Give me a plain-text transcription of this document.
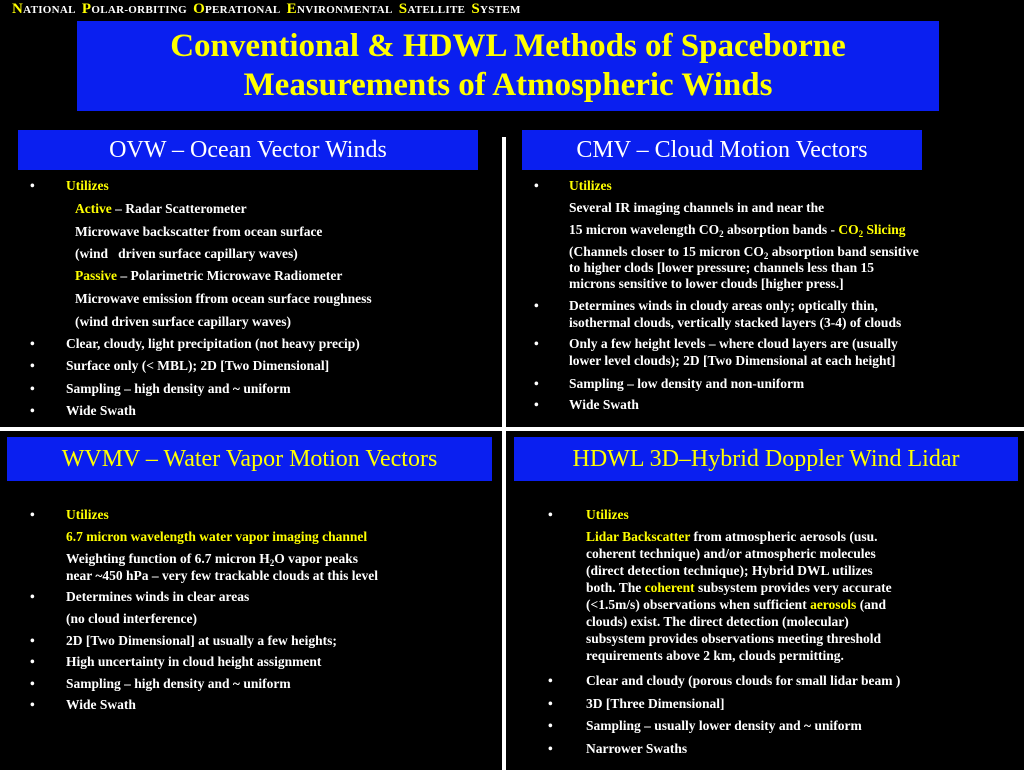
NATIONAL POLAR-ORBITING OPERATIONAL ENVIRONMENTAL SATELLITE SYSTEM
Conventional & HDWL Methods of Spaceborne
Measurements of Atmospheric Winds
OVW – Ocean Vector Winds	CMV – Cloud Motion Vectors
WVMV – Water Vapor Motion Vectors	HDWL 3D–Hybrid Doppler Wind Lidar
• Utilizes
Active – Radar Scatterometer
Microwave backscatter from ocean surface
(wind   driven surface capillary waves)
Passive – Polarimetric Microwave Radiometer
Microwave emission ffrom ocean surface roughness
(wind driven surface capillary waves)
• Clear, cloudy, light precipitation (not heavy precip)
• Surface only (< MBL); 2D [Two Dimensional]
• Sampling – high density and ~ uniform
• Wide Swath
• Utilizes
Several IR imaging channels in and near the
15 micron wavelength $CO_2$ absorption bands - $CO_2$ Slicing
(Channels closer to 15 micron $CO_2$ absorption band sensitive
to higher clods [lower pressure; channels less than 15
microns sensitive to lower clouds [higher press.]
• Determines winds in cloudy areas only; optically thin,
isothermal clouds, vertically stacked layers (3-4) of clouds
• Only a few height levels – where cloud layers are (usually
lower level clouds); 2D [Two Dimensional at each height]
• Sampling – low density and non-uniform
• Wide Swath
• Utilizes
6.7 micron wavelength water vapor imaging channel
Weighting function of 6.7 micron $H_2O$ vapor peaks
near ~450 hPa – very few trackable clouds at this level
• Determines winds in clear areas
(no cloud interference)
• 2D [Two Dimensional] at usually a few heights;
• High uncertainty in cloud height assignment
• Sampling – high density and ~ uniform
• Wide Swath
• Utilizes
Lidar Backscatter from atmospheric aerosols (usu.
coherent technique) and/or atmospheric molecules
(direct detection technique); Hybrid DWL utilizes
both. The coherent subsystem provides very accurate
(<1.5m/s) observations when sufficient aerosols (and
clouds) exist. The direct detection (molecular)
subsystem provides observations meeting threshold
requirements above 2 km, clouds permitting.
• Clear and cloudy (porous clouds for small lidar beam )
• 3D [Three Dimensional]
• Sampling – usually lower density and ~ uniform
• Narrower Swaths
